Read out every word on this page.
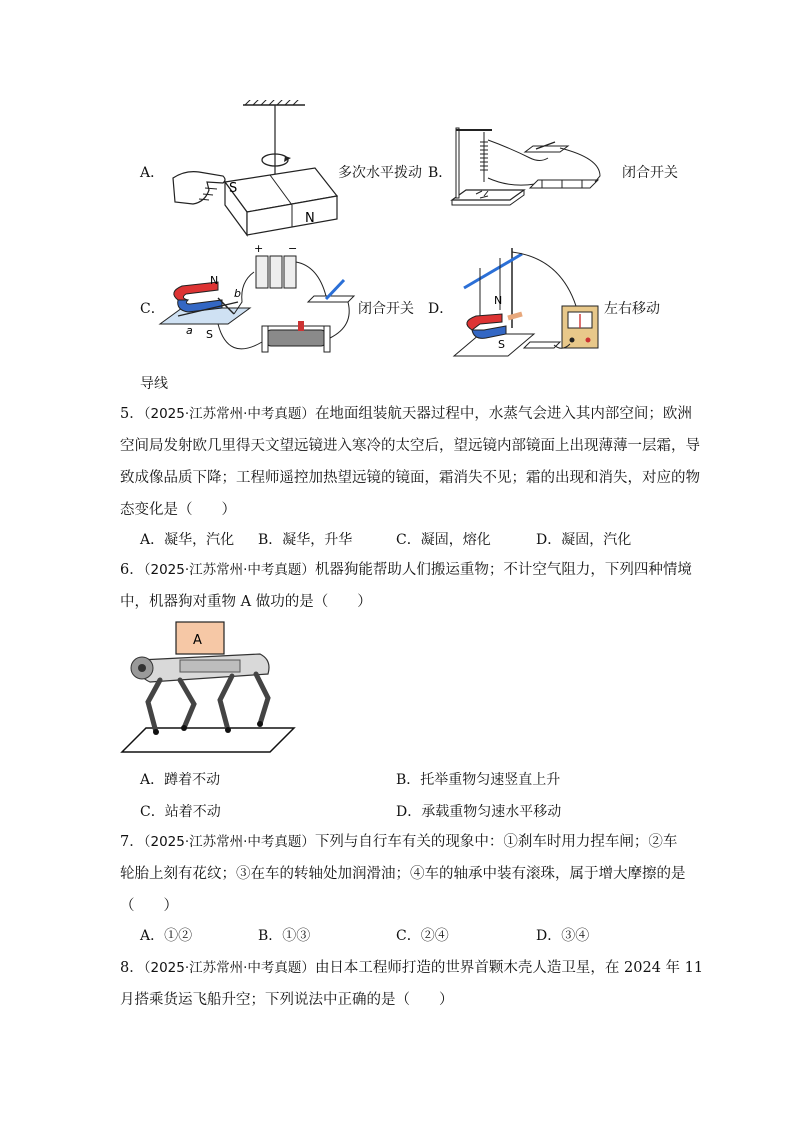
A．
S
N
多次水平拨动 B．	闭合开关
C．
N
S
a
b
+ −
闭合开关
导线
D．
N
S
左右移动
5．（2025·江苏常州·中考真题）在地面组装航天器过程中，水蒸气会进入其内部空间；欧洲
空间局发射欧几里得天文望远镜进入寒冷的太空后，望远镜内部镜面上出现薄薄一层霜，导
致成像品质下降；工程师遥控加热望远镜的镜面，霜消失不见；霜的出现和消失，对应的物
态变化是（　　）
A．凝华，汽化 B．凝华，升华	C．凝固，熔化	D．凝固，汽化
6．（2025·江苏常州·中考真题）机器狗能帮助人们搬运重物；不计空气阻力，下列四种情境
中，机器狗对重物 A 做功的是（　　）
A
A．蹲着不动	B．托举重物匀速竖直上升
C．站着不动	D．承载重物匀速水平移动
7．（2025·江苏常州·中考真题）下列与自行车有关的现象中：①刹车时用力捏车闸；②车
轮胎上刻有花纹；③在车的转轴处加润滑油；④车的轴承中装有滚珠，属于增大摩擦的是
（　　）
A．①②	B．①③	C．②④	D．③④
8．（2025·江苏常州·中考真题）由日本工程师打造的世界首颗木壳人造卫星，在 2024 年 11
月搭乘货运飞船升空；下列说法中正确的是（　　）
